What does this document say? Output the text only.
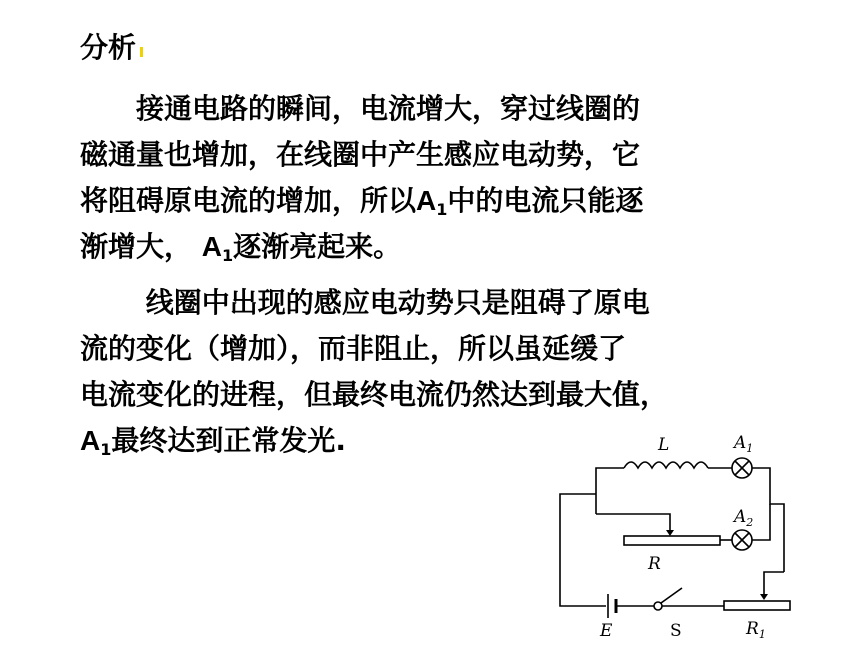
分析
　　接通电路的瞬间，电流增大，穿过线圈的
磁通量也增加，在线圈中产生感应电动势，它
将阻碍原电流的增加，所以$A_1$中的电流只能逐
渐增大， $A_1$逐渐亮起来。
　　 线圈中出现的感应电动势只是阻碍了原电
流的变化（增加），而非阻止，所以虽延缓了
电流变化的进程，但最终电流仍然达到最大值，
$A_1$最终达到正常发光.	L	$A_1$
$A_2$
R
E	S	$R_1$
